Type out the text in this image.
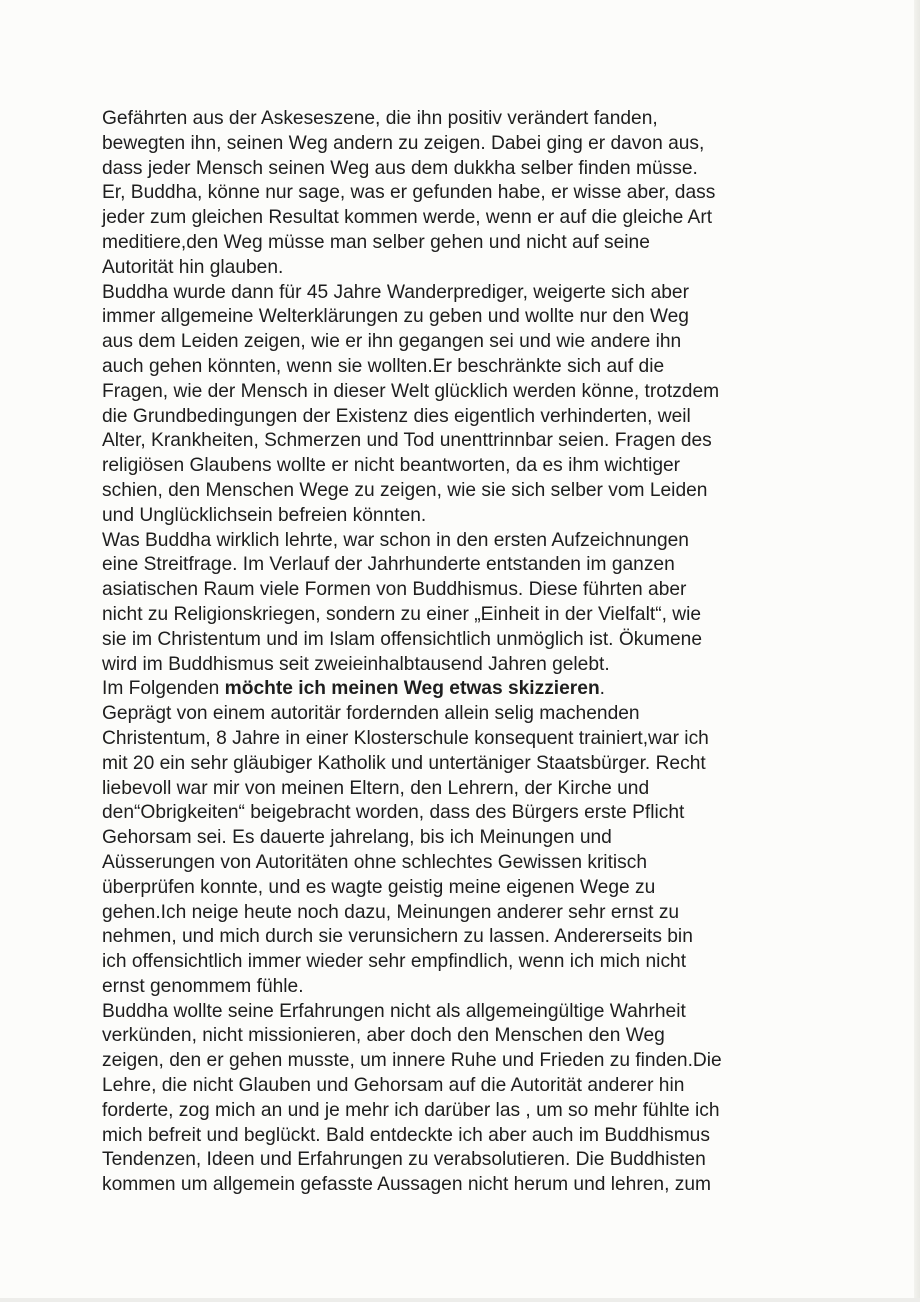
Gefährten aus der Askeseszene, die ihn positiv verändert fanden,
bewegten ihn, seinen Weg andern zu zeigen. Dabei ging er davon aus,
dass jeder Mensch seinen Weg aus dem dukkha selber finden müsse.
Er, Buddha, könne nur sage, was er gefunden habe, er wisse aber, dass
jeder zum gleichen Resultat kommen werde, wenn er auf die gleiche Art
meditiere,den Weg müsse man selber gehen und nicht auf seine
Autorität hin glauben.
Buddha wurde dann für 45 Jahre Wanderprediger, weigerte sich aber
immer allgemeine Welterklärungen zu geben und wollte nur den Weg
aus dem Leiden zeigen, wie er ihn gegangen sei und wie andere ihn
auch gehen könnten, wenn sie wollten.Er beschränkte sich auf die
Fragen, wie der Mensch in dieser Welt glücklich werden könne, trotzdem
die Grundbedingungen der Existenz dies eigentlich verhinderten, weil
Alter, Krankheiten, Schmerzen und Tod unenttrinnbar seien. Fragen des
religiösen Glaubens wollte er nicht beantworten, da es ihm wichtiger
schien, den Menschen Wege zu zeigen, wie sie sich selber vom Leiden
und Unglücklichsein befreien könnten.
Was Buddha wirklich lehrte, war schon in den ersten Aufzeichnungen
eine Streitfrage. Im Verlauf der Jahrhunderte entstanden im ganzen
asiatischen Raum viele Formen von Buddhismus. Diese führten aber
nicht zu Religionskriegen, sondern zu einer „Einheit in der Vielfalt“, wie
sie im Christentum und im Islam offensichtlich unmöglich ist. Ökumene
wird im Buddhismus seit zweieinhalbtausend Jahren gelebt.
Im Folgenden möchte ich meinen Weg etwas skizzieren.
Geprägt von einem autoritär fordernden allein selig machenden
Christentum, 8 Jahre in einer Klosterschule konsequent trainiert,war ich
mit 20 ein sehr gläubiger Katholik und untertäniger Staatsbürger. Recht
liebevoll war mir von meinen Eltern, den Lehrern, der Kirche und
den“Obrigkeiten“ beigebracht worden, dass des Bürgers erste Pflicht
Gehorsam sei. Es dauerte jahrelang, bis ich Meinungen und
Aüsserungen von Autoritäten ohne schlechtes Gewissen kritisch
überprüfen konnte, und es wagte geistig meine eigenen Wege zu
gehen.Ich neige heute noch dazu, Meinungen anderer sehr ernst zu
nehmen, und mich durch sie verunsichern zu lassen. Andererseits bin
ich offensichtlich immer wieder sehr empfindlich, wenn ich mich nicht
ernst genommem fühle.
Buddha wollte seine Erfahrungen nicht als allgemeingültige Wahrheit
verkünden, nicht missionieren, aber doch den Menschen den Weg
zeigen, den er gehen musste, um innere Ruhe und Frieden zu finden.Die
Lehre, die nicht Glauben und Gehorsam auf die Autorität anderer hin
forderte, zog mich an und je mehr ich darüber las , um so mehr fühlte ich
mich befreit und beglückt. Bald entdeckte ich aber auch im Buddhismus
Tendenzen, Ideen und Erfahrungen zu verabsolutieren. Die Buddhisten
kommen um allgemein gefasste Aussagen nicht herum und lehren, zum
